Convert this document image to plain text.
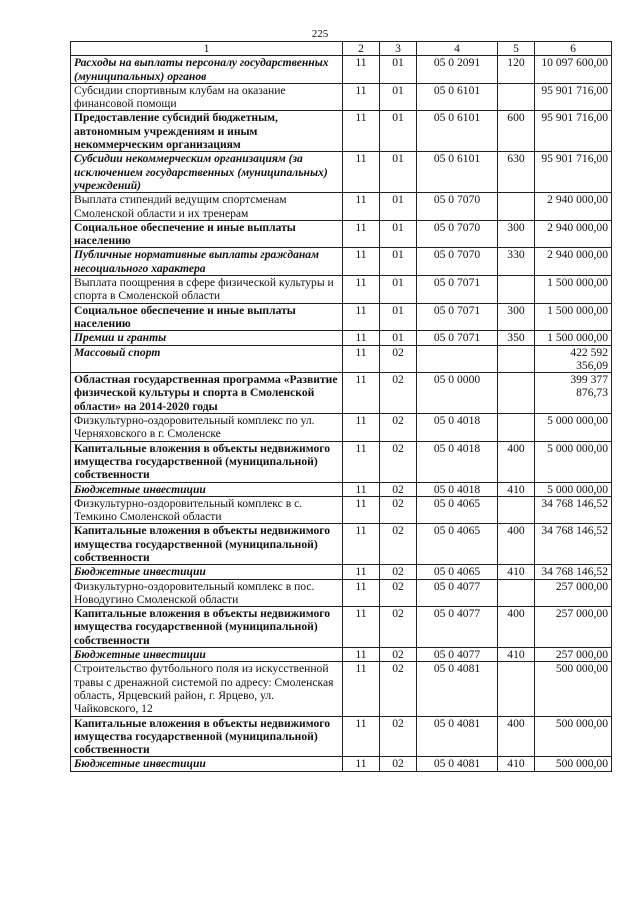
225
1	2	3	4	5	6
Расходы на выплаты персоналу государственных (муниципальных) органов	11	01	05 0 2091	120	10 097 600,00
Субсидии спортивным клубам на оказание финансовой помощи	11	01	05 0 6101		95 901 716,00
Предоставление субсидий бюджетным, автономным учреждениям и иным некоммерческим организациям	11	01	05 0 6101	600	95 901 716,00
Субсидии некоммерческим организациям (за исключением государственных (муниципальных) учреждений)	11	01	05 0 6101	630	95 901 716,00
Выплата стипендий ведущим спортсменам Смоленской области и их тренерам	11	01	05 0 7070		2 940 000,00
Социальное обеспечение и иные выплаты населению	11	01	05 0 7070	300	2 940 000,00
Публичные нормативные выплаты гражданам несоциального характера	11	01	05 0 7070	330	2 940 000,00
Выплата поощрения в сфере физической культуры и спорта в Смоленской области	11	01	05 0 7071		1 500 000,00
Социальное обеспечение и иные выплаты населению	11	01	05 0 7071	300	1 500 000,00
Премии и гранты	11	01	05 0 7071	350	1 500 000,00
Массовый спорт	11	02			422 592 356,09
Областная государственная программа «Развитие физической культуры и спорта в Смоленской области» на 2014-2020 годы	11	02	05 0 0000		399 377 876,73
Физкультурно-оздоровительный комплекс по ул. Черняховского в г. Смоленске	11	02	05 0 4018		5 000 000,00
Капитальные вложения в объекты недвижимого имущества государственной (муниципальной) собственности	11	02	05 0 4018	400	5 000 000,00
Бюджетные инвестиции	11	02	05 0 4018	410	5 000 000,00
Физкультурно-оздоровительный комплекс в с. Темкино Смоленской области	11	02	05 0 4065		34 768 146,52
Капитальные вложения в объекты недвижимого имущества государственной (муниципальной) собственности	11	02	05 0 4065	400	34 768 146,52
Бюджетные инвестиции	11	02	05 0 4065	410	34 768 146,52
Физкультурно-оздоровительный комплекс в пос. Новодугино Смоленской области	11	02	05 0 4077		257 000,00
Капитальные вложения в объекты недвижимого имущества государственной (муниципальной) собственности	11	02	05 0 4077	400	257 000,00
Бюджетные инвестиции	11	02	05 0 4077	410	257 000,00
Строительство футбольного поля из искусственной травы с дренажной системой по адресу: Смоленская область, Ярцевский район, г. Ярцево, ул. Чайковского, 12	11	02	05 0 4081		500 000,00
Капитальные вложения в объекты недвижимого имущества государственной (муниципальной) собственности	11	02	05 0 4081	400	500 000,00
Бюджетные инвестиции	11	02	05 0 4081	410	500 000,00
